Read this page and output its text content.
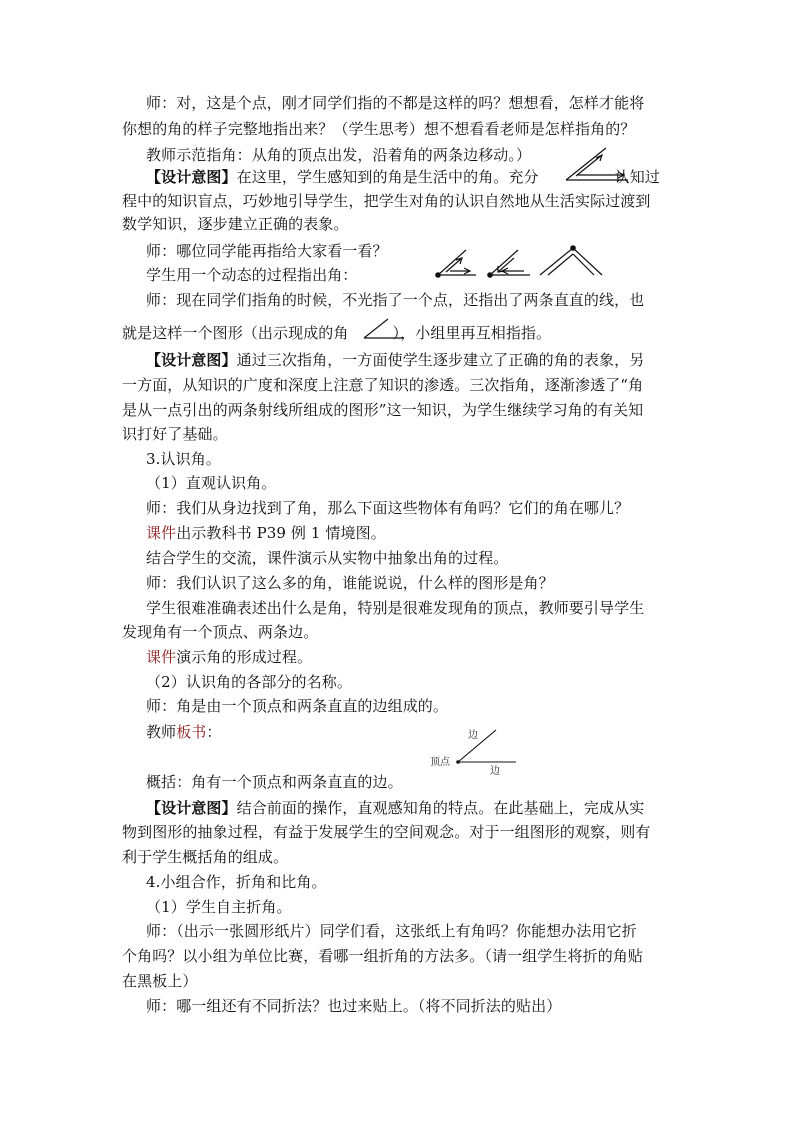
师：对，这是个点，刚才同学们指的不都是这样的吗？想想看，怎样才能将
你想的角的样子完整地指出来？（学生思考）想不想看看老师是怎样指角的？
教师示范指角：从角的顶点出发，沿着角的两条边移动。）
【设计意图】在这里，学生感知到的角是生活中的角。充分	认知过
程中的知识盲点，巧妙地引导学生，把学生对角的认识自然地从生活实际过渡到
数学知识，逐步建立正确的表象。
师：哪位同学能再指给大家看一看？
学生用一个动态的过程指出角：
师：现在同学们指角的时候，不光指了一个点，还指出了两条直直的线，也
就是这样一个图形（出示现成的角	），小组里再互相指指。
【设计意图】通过三次指角，一方面使学生逐步建立了正确的角的表象，另
一方面，从知识的广度和深度上注意了知识的渗透。三次指角，逐渐渗透了“角
是从一点引出的两条射线所组成的图形”这一知识，为学生继续学习角的有关知
识打好了基础。
3.认识角。
（1）直观认识角。
师：我们从身边找到了角，那么下面这些物体有角吗？它们的角在哪儿？
课件出示教科书 P39 例 1 情境图。
结合学生的交流，课件演示从实物中抽象出角的过程。
师：我们认识了这么多的角，谁能说说，什么样的图形是角？
学生很难准确表述出什么是角，特别是很难发现角的顶点，教师要引导学生
发现角有一个顶点、两条边。
课件演示角的形成过程。
（2）认识角的各部分的名称。
师：角是由一个顶点和两条直直的边组成的。
教师板书：	边
顶点
边
概括：角有一个顶点和两条直直的边。
【设计意图】结合前面的操作，直观感知角的特点。在此基础上，完成从实
物到图形的抽象过程，有益于发展学生的空间观念。对于一组图形的观察，则有
利于学生概括角的组成。
4.小组合作，折角和比角。
（1）学生自主折角。
师：（出示一张圆形纸片）同学们看，这张纸上有角吗？你能想办法用它折
个角吗？以小组为单位比赛，看哪一组折角的方法多。（请一组学生将折的角贴
在黑板上）
师：哪一组还有不同折法？也过来贴上。（将不同折法的贴出）
